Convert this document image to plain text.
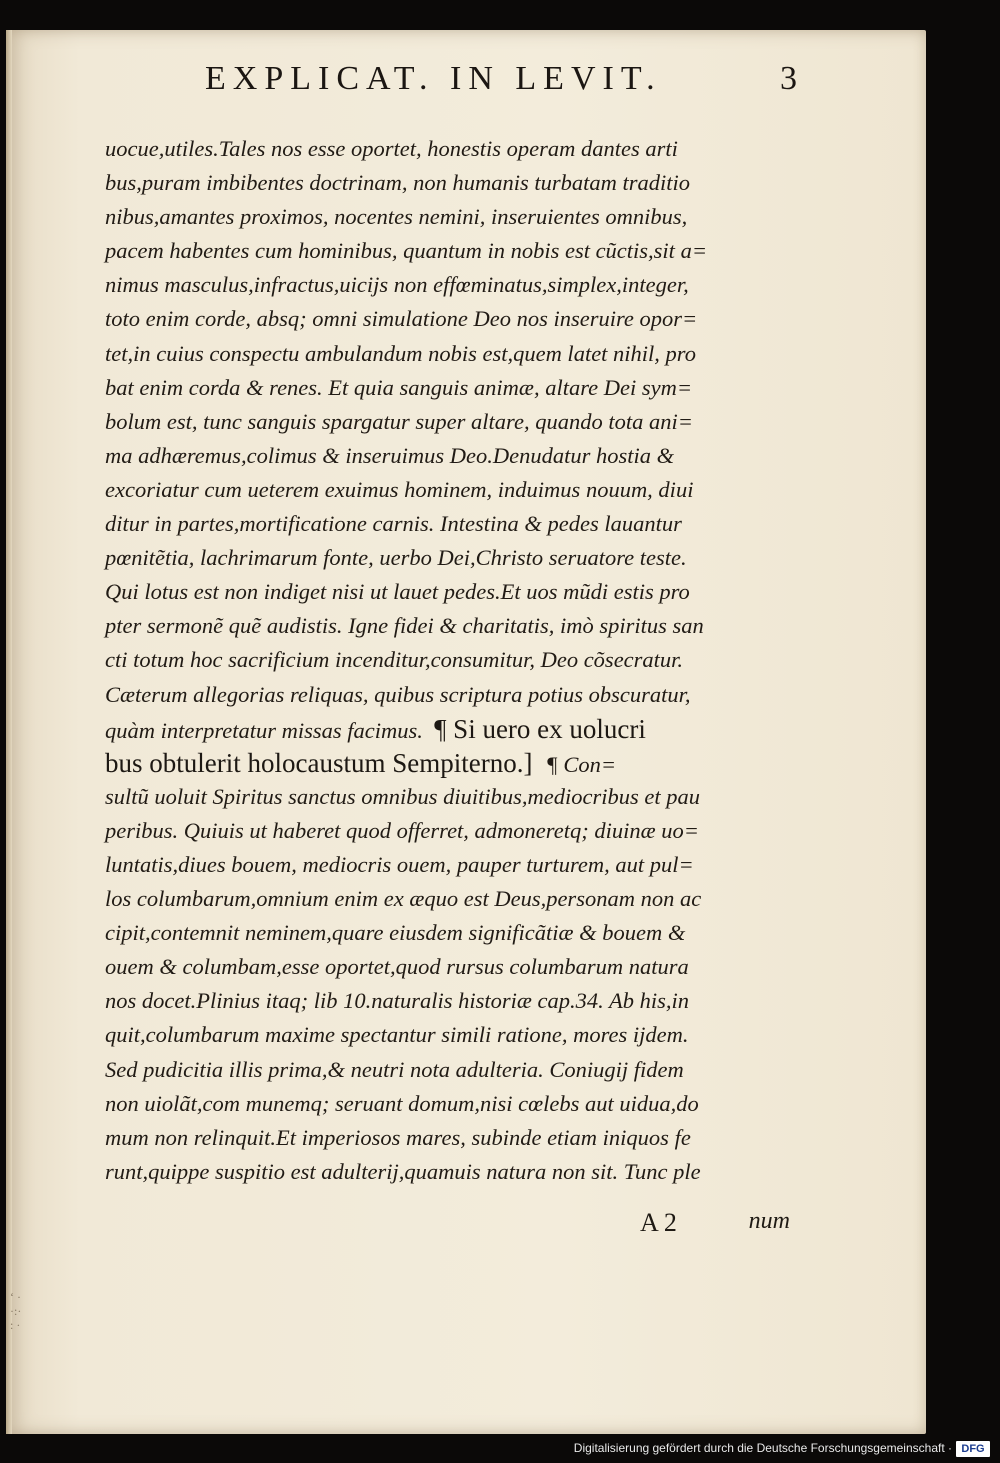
EXPLICAT. IN LEVIT.	3
uocue,utiles.Tales nos esse oportet, honestis operam dantes arti
bus,puram imbibentes doctrinam, non humanis turbatam traditio
nibus,amantes proximos, nocentes nemini, inseruientes omnibus,
pacem habentes cum hominibus, quantum in nobis est cũctis,sit a=
nimus masculus,infractus,uicijs non effœminatus,simplex,integer,
toto enim corde, absq; omni simulatione Deo nos inseruire opor=
tet,in cuius conspectu ambulandum nobis est,quem latet nihil, pro
bat enim corda & renes. Et quia sanguis animæ, altare Dei sym=
bolum est, tunc sanguis spargatur super altare, quando tota ani=
ma adhæremus,colimus & inseruimus Deo.Denudatur hostia &
excoriatur cum ueterem exuimus hominem, induimus nouum, diui
ditur in partes,mortificatione carnis. Intestina & pedes lauantur
pœnitẽtia, lachrimarum fonte, uerbo Dei,Christo seruatore teste.
Qui lotus est non indiget nisi ut lauet pedes.Et uos mũdi estis pro
pter sermonẽ quẽ audistis. Igne fidei & charitatis, imò spiritus san
cti totum hoc sacrificium incenditur,consumitur, Deo cõsecratur.
Cæterum allegorias reliquas, quibus scriptura potius obscuratur,
quàm interpretatur missas facimus. ¶ Si uero ex uolucri
bus obtulerit holocaustum Sempiterno.] ¶ Con=
sultũ uoluit Spiritus sanctus omnibus diuitibus,mediocribus et pau
peribus. Quiuis ut haberet quod offerret, admoneretq; diuinæ uo=
luntatis,diues bouem, mediocris ouem, pauper turturem, aut pul=
los columbarum,omnium enim ex æquo est Deus,personam non ac
cipit,contemnit neminem,quare eiusdem significãtiæ & bouem &
ouem & columbam,esse oportet,quod rursus columbarum natura
nos docet.Plinius itaq; lib 10.naturalis historiæ cap.34. Ab his,in
quit,columbarum maxime spectantur simili ratione, mores ijdem.
Sed pudicitia illis prima,& neutri nota adulteria. Coniugij fidem
non uiolãt,com munemq; seruant domum,nisi cœlebs aut uidua,do
mum non relinquit.Et imperiosos mares, subinde etiam iniquos fe
runt,quippe suspitio est adulterij,quamuis natura non sit. Tunc ple
A 2	num
ʻ ·
·:·
: ·
Digitalisierung gefördert durch die Deutsche Forschungsgemeinschaft · DFG
